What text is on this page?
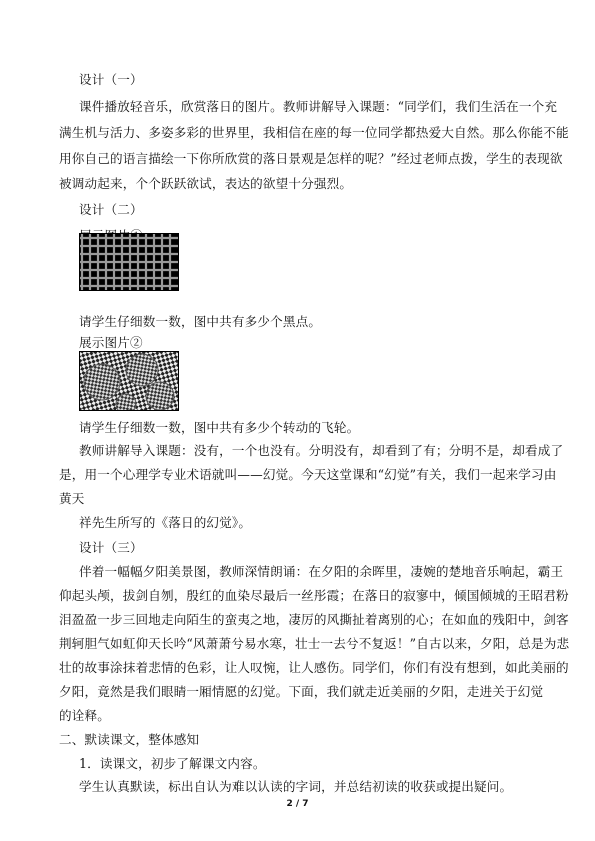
设计（一）
课件播放轻音乐，欣赏落日的图片。教师讲解导入课题：“同学们，我们生活在一个充
满生机与活力、多姿多彩的世界里，我相信在座的每一位同学都热爱大自然。那么你能不能
用你自己的语言描绘一下你所欣赏的落日景观是怎样的呢？”经过老师点拨，学生的表现欲
被调动起来，个个跃跃欲试，表达的欲望十分强烈。
设计（二）
请学生仔细数一数，图中共有多少个黑点。
展示图片②
请学生仔细数一数，图中共有多少个转动的飞轮。
教师讲解导入课题：没有，一个也没有。分明没有，却看到了有；分明不是，却看成了
是，用一个心理学专业术语就叫——幻觉。今天这堂课和“幻觉”有关，我们一起来学习由
黄天
祥先生所写的《落日的幻觉》。
设计（三）
伴着一幅幅夕阳美景图，教师深情朗诵：在夕阳的余晖里，凄婉的楚地音乐响起，霸王
仰起头颅，拔剑自刎，殷红的血染尽最后一丝彤霞；在落日的寂寥中，倾国倾城的王昭君粉
泪盈盈一步三回地走向陌生的蛮夷之地，凄厉的风撕扯着离别的心；在如血的残阳中，剑客
荆轲胆气如虹仰天长吟“风萧萧兮易水寒，壮士一去兮不复返！”自古以来，夕阳，总是为悲
壮的故事涂抹着悲情的色彩，让人叹惋，让人感伤。同学们，你们有没有想到，如此美丽的
夕阳，竟然是我们眼睛一厢情愿的幻觉。下面，我们就走近美丽的夕阳，走进关于幻觉
的诠释。
二、默读课文，整体感知
1．读课文，初步了解课文内容。
学生认真默读，标出自认为难以认读的字词，并总结初读的收获或提出疑问。
2 / 7
